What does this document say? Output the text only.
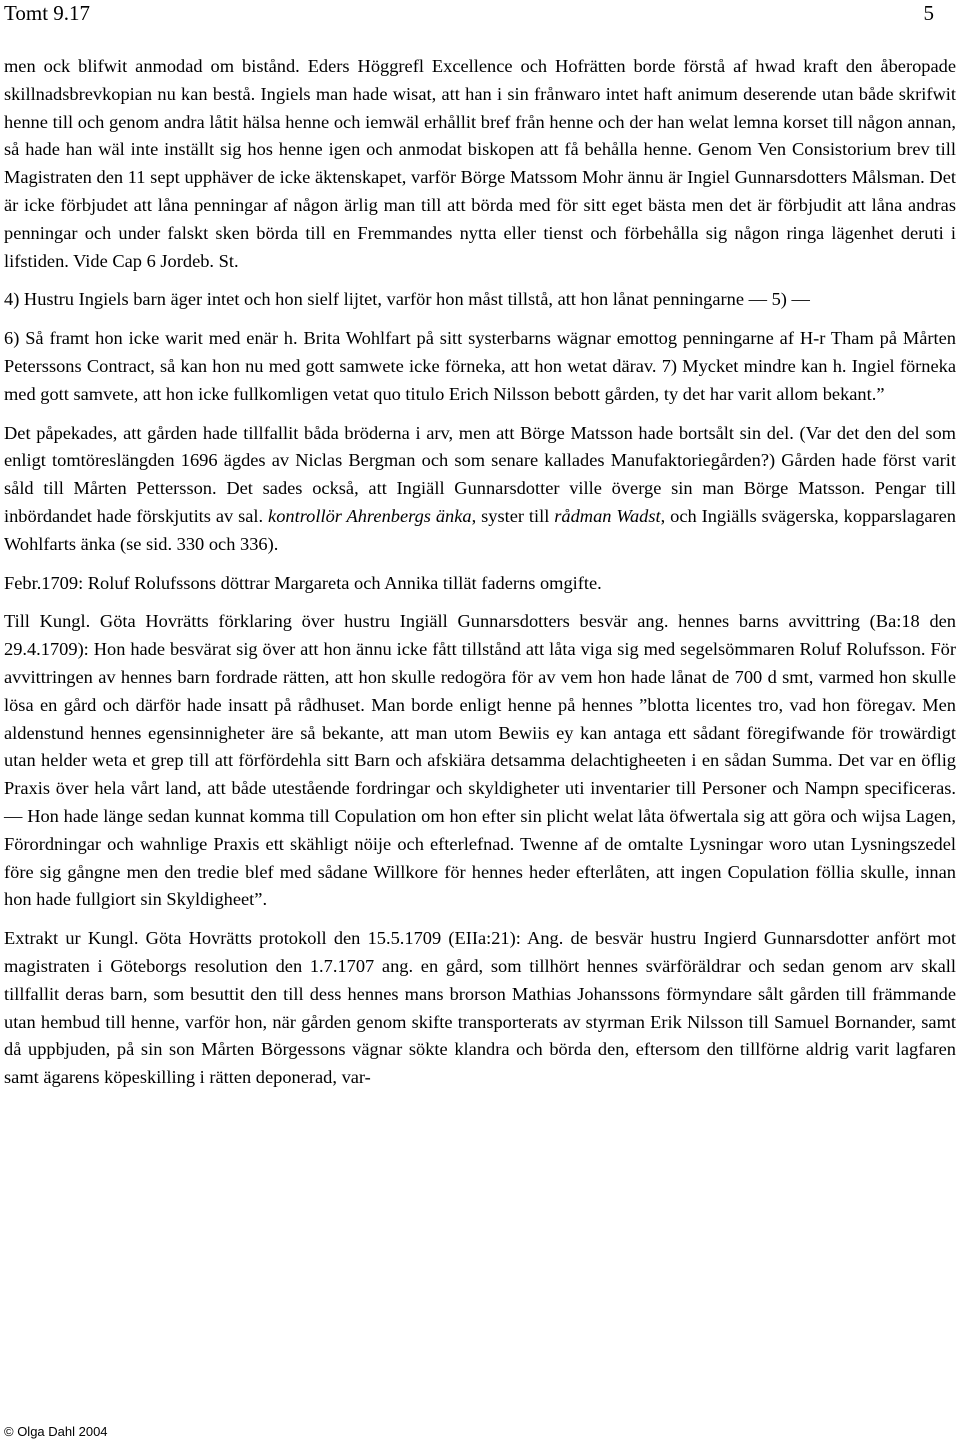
Tomt 9.17	5

men ock blifwit anmodad om bistånd. Eders Höggrefl Excellence och Hofrätten borde förstå af hwad kraft den åberopade skillnadsbrevkopian nu kan bestå. Ingiels man hade wisat, att han i sin frånwaro intet haft animum deserende utan både skrifwit henne till och genom andra låtit hälsa henne och iemwäl erhållit bref från henne och der han welat lemna korset till någon annan, så hade han wäl inte inställt sig hos henne igen och anmodat biskopen att få behålla henne. Genom Ven Consistorium brev till Magistraten den 11 sept upphäver de icke äktenskapet, varför Börge Matssom Mohr ännu är Ingiel Gunnarsdotters Målsman. Det är icke förbjudet att låna penningar af någon ärlig man till att börda med för sitt eget bästa men det är förbjudit att låna andras penningar och under falskt sken börda till en Fremmandes nytta eller tienst och förbehålla sig någon ringa lägenhet deruti i lifstiden. Vide Cap 6 Jordeb. St.

4) Hustru Ingiels barn äger intet och hon sielf lijtet, varför hon måst tillstå, att hon lånat penningarne — 5) —

6) Så framt hon icke warit med enär h. Brita Wohlfart på sitt systerbarns wägnar emottog penningarne af H-r Tham på Mårten Peterssons Contract, så kan hon nu med gott samwete icke förneka, att hon wetat därav. 7) Mycket mindre kan h. Ingiel förneka med gott samvete, att hon icke fullkomligen vetat quo titulo Erich Nilsson bebott gården, ty det har varit allom bekant.”

Det påpekades, att gården hade tillfallit båda bröderna i arv, men att Börge Matsson hade bortsålt sin del. (Var det den del som enligt tomtöreslängden 1696 ägdes av Niclas Bergman och som senare kallades Manufaktoriegården?) Gården hade först varit såld till Mårten Pettersson. Det sades också, att Ingiäll Gunnarsdotter ville överge sin man Börge Matsson. Pengar till inbördandet hade förskjutits av sal. kontrollör Ahrenbergs änka, syster till rådman Wadst, och Ingiälls svägerska, kopparslagaren Wohlfarts änka (se sid. 330 och 336).

Febr.1709: Roluf Rolufssons döttrar Margareta och Annika tillät faderns omgifte.

Till Kungl. Göta Hovrätts förklaring över hustru Ingiäll Gunnarsdotters besvär ang. hennes barns avvittring (Ba:18 den 29.4.1709): Hon hade besvärat sig över att hon ännu icke fått tillstånd att låta viga sig med segelsömmaren Roluf Rolufsson. För avvittringen av hennes barn fordrade rätten, att hon skulle redogöra för av vem hon hade lånat de 700 d smt, varmed hon skulle lösa en gård och därför hade insatt på rådhuset. Man borde enligt henne på hennes ”blotta licentes tro, vad hon föregav. Men aldenstund hennes egensinnigheter äre så bekante, att man utom Bewiis ey kan antaga ett sådant föregifwande för trowärdigt utan helder weta et grep till att förfördehla sitt Barn och afskiära detsamma delachtigheeten i en sådan Summa. Det var en öflig Praxis över hela vårt land, att både utestående fordringar och skyldigheter uti inventarier till Personer och Nampn specificeras. — Hon hade länge sedan kunnat komma till Copulation om hon efter sin plicht welat låta öfwertala sig att göra och wijsa Lagen, Förordningar och wahnlige Praxis ett skähligt nöije och efterlefnad. Twenne af de omtalte Lysningar woro utan Lysningszedel före sig gångne men den tredie blef med sådane Willkore för hennes heder efterlåten, att ingen Copulation föllia skulle, innan hon hade fullgiort sin Skyldigheet”.

Extrakt ur Kungl. Göta Hovrätts protokoll den 15.5.1709 (EIIa:21): Ang. de besvär hustru Ingierd Gunnarsdotter anfört mot magistraten i Göteborgs resolution den 1.7.1707 ang. en gård, som tillhört hennes svärföräldrar och sedan genom arv skall tillfallit deras barn, som besuttit den till dess hennes mans brorson Mathias Johanssons förmyndare sålt gården till främmande utan hembud till henne, varför hon, när gården genom skifte transporterats av styrman Erik Nilsson till Samuel Bornander, samt då uppbjuden, på sin son Mårten Börgessons vägnar sökte klandra och börda den, eftersom den tillförne aldrig varit lagfaren samt ägarens köpeskilling i rätten deponerad, var-

© Olga Dahl 2004
